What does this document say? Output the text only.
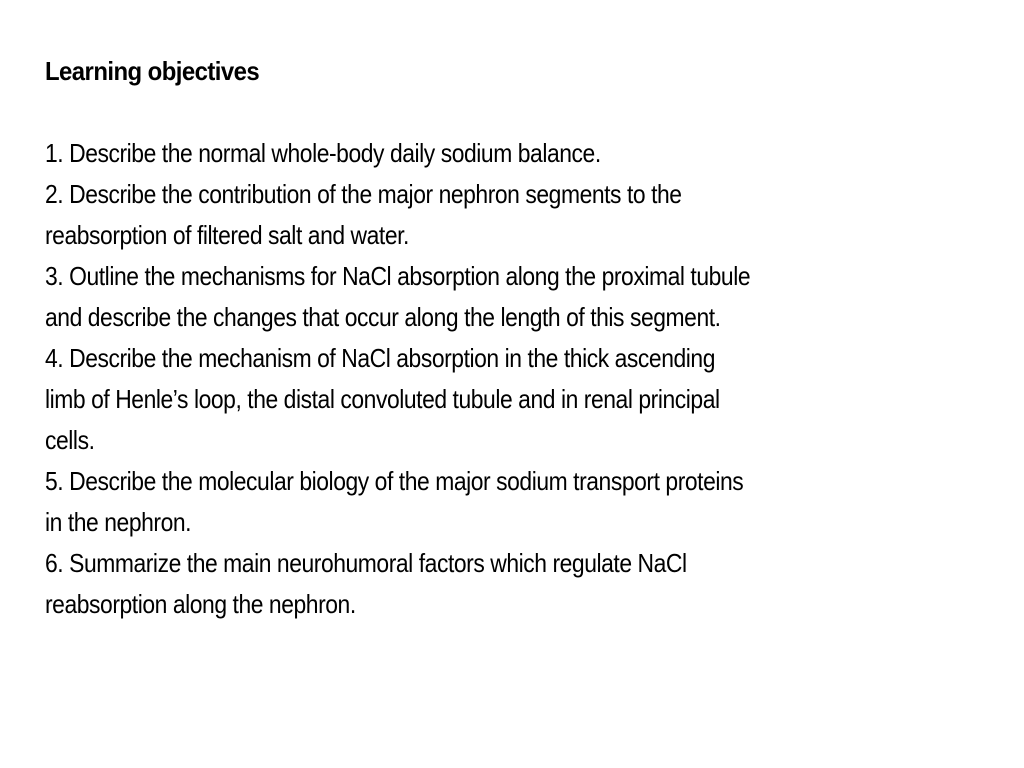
Learning objectives
1. Describe the normal whole-body daily sodium balance.
2. Describe the contribution of the major nephron segments to the
reabsorption of filtered salt and water.
3. Outline the mechanisms for NaCl absorption along the proximal tubule
and describe the changes that occur along the length of this segment.
4. Describe the mechanism of NaCl absorption in the thick ascending
limb of Henle’s loop, the distal convoluted tubule and in renal principal
cells.
5. Describe the molecular biology of the major sodium transport proteins
in the nephron.
6. Summarize the main neurohumoral factors which regulate NaCl
reabsorption along the nephron.
